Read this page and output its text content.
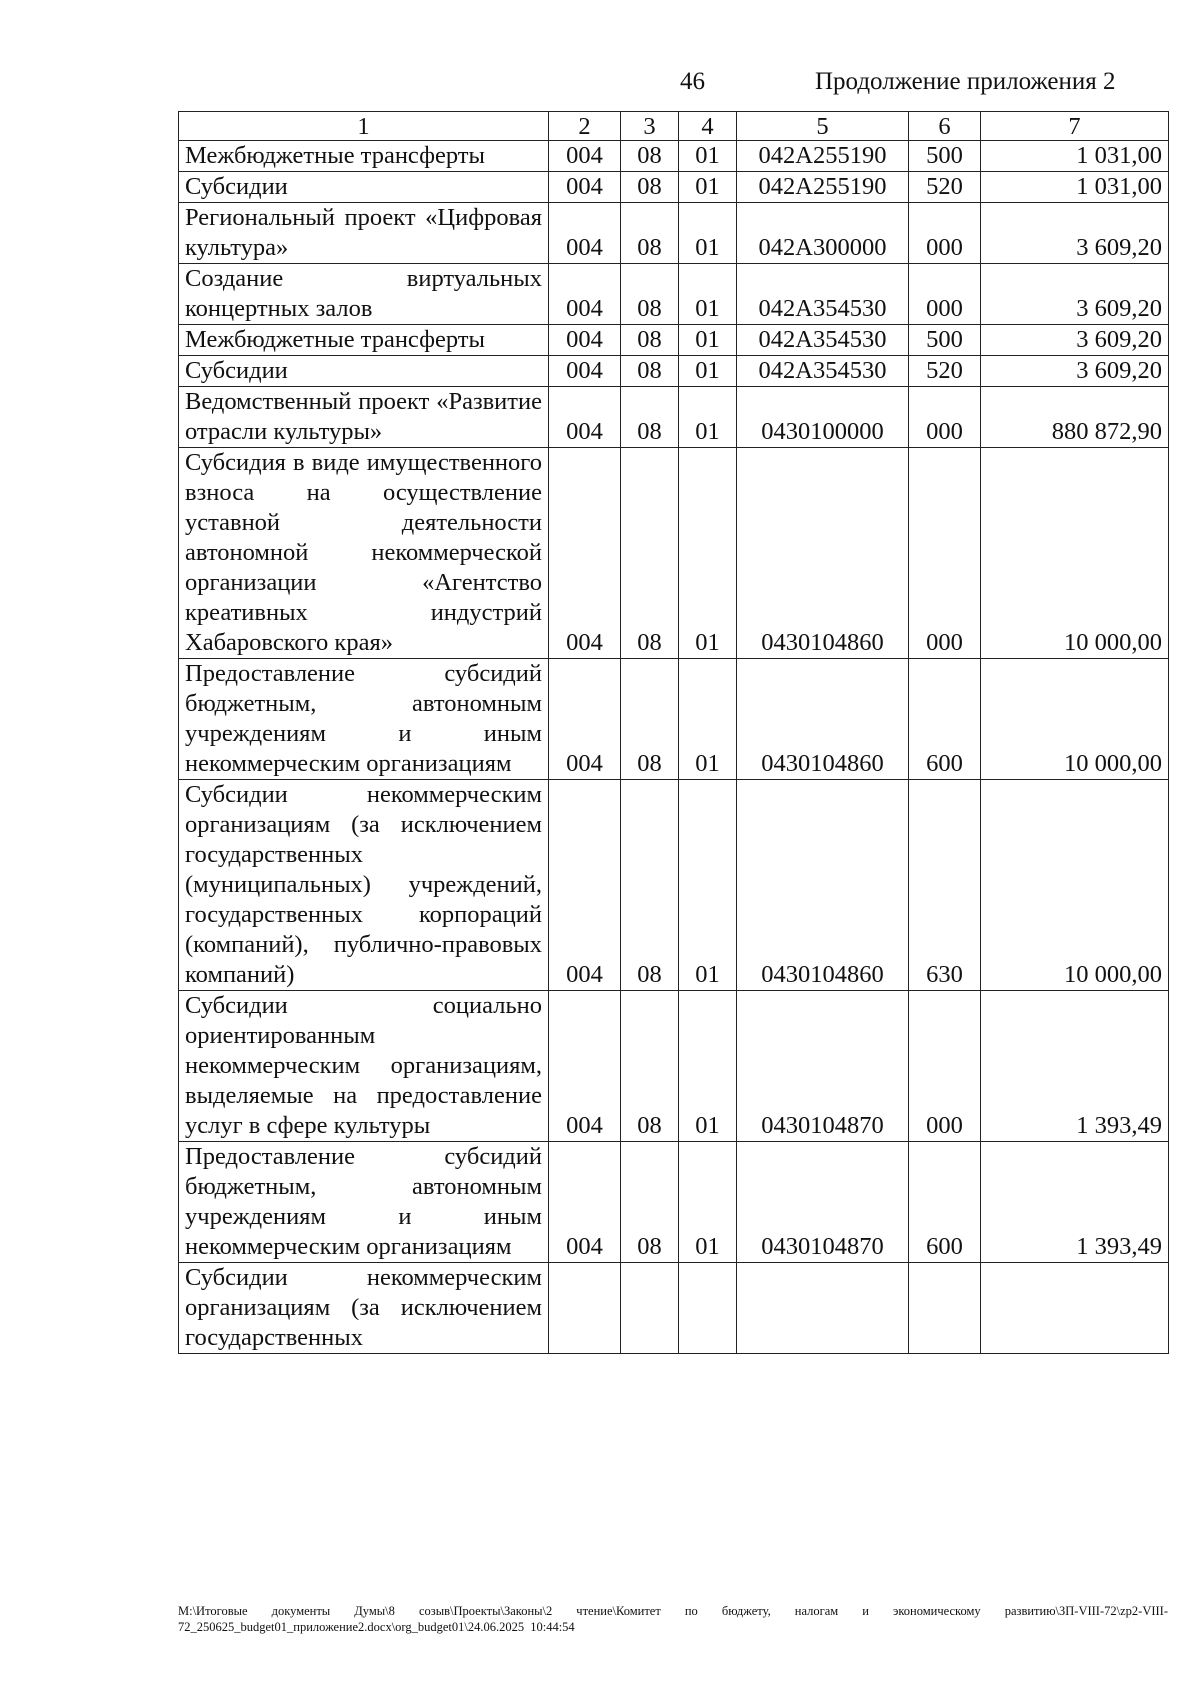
46	Продолжение приложения 2
1	2	3	4	5	6	7
Межбюджетные трансферты	004	08	01	042A255190	500	1 031,00
Субсидии	004	08	01	042A255190	520	1 031,00
Региональный проект «Цифровая культура»	004	08	01	042A300000	000	3 609,20
Создание виртуальных концертных залов	004	08	01	042A354530	000	3 609,20
Межбюджетные трансферты	004	08	01	042A354530	500	3 609,20
Субсидии	004	08	01	042A354530	520	3 609,20
Ведомственный проект «Развитие отрасли культуры»	004	08	01	0430100000	000	880 872,90
Субсидия в виде имущественного взноса на осуществление уставной деятельности автономной некоммерческой организации «Агентство креативных индустрий Хабаровского края»	004	08	01	0430104860	000	10 000,00
Предоставление субсидий бюджетным, автономным учреждениям и иным некоммерческим организациям	004	08	01	0430104860	600	10 000,00
Субсидии некоммерческим организациям (за исключением государственных (муниципальных) учреждений, государственных корпораций (компаний), публично-правовых компаний)	004	08	01	0430104860	630	10 000,00
Субсидии социально ориентированным некоммерческим организациям, выделяемые на предоставление услуг в сфере культуры	004	08	01	0430104870	000	1 393,49
Предоставление субсидий бюджетным, автономным учреждениям и иным некоммерческим организациям	004	08	01	0430104870	600	1 393,49
Субсидии некоммерческим организациям (за исключением государственных						
M:\Итоговые документы Думы\8 созыв\Проекты\Законы\2 чтение\Комитет по бюджету, налогам и экономическому развитию\ЗП-VIII-72\zp2-VIII-72_250625_budget01_приложение2.docx\org_budget01\24.06.2025 10:44:54
